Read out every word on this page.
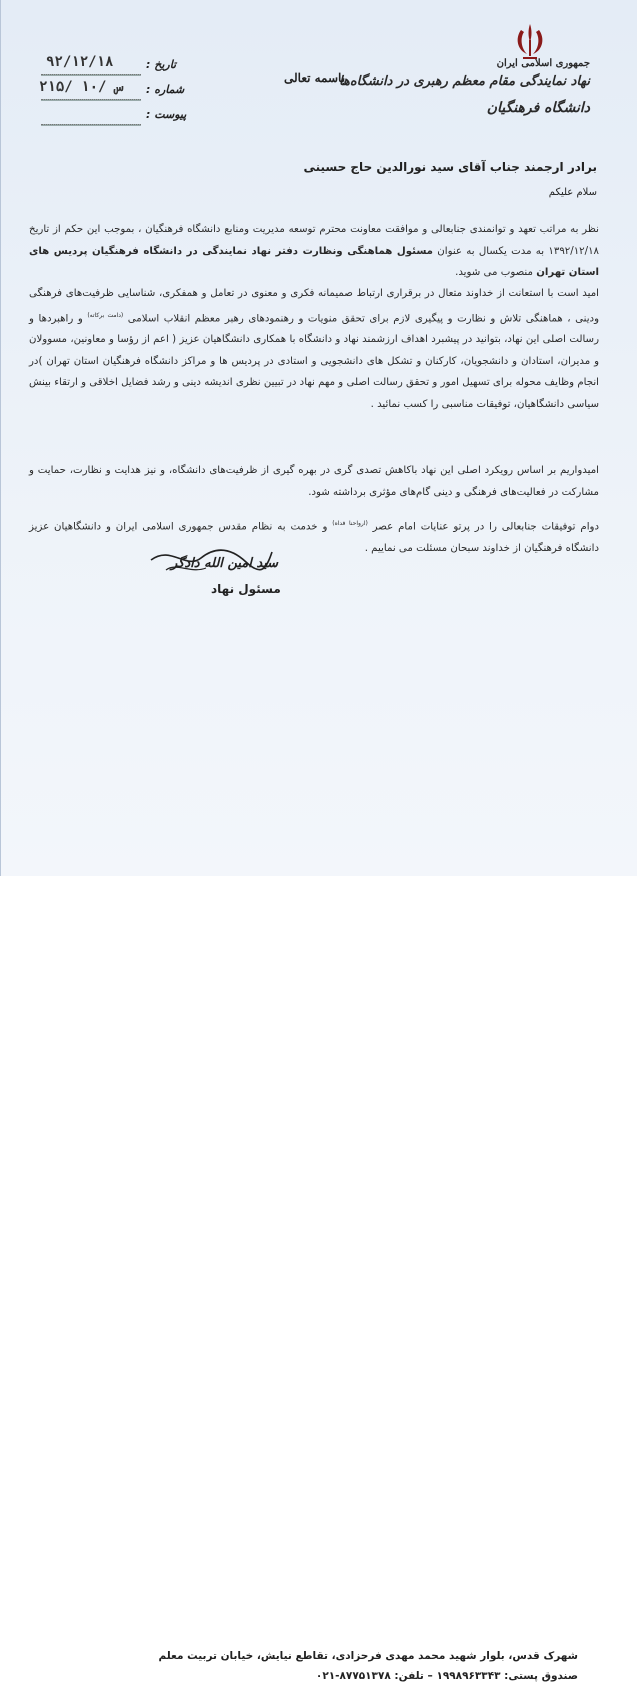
جمهوری اسلامی ایران
نهاد نمایندگی مقام معظم رهبری در دانشگاه‌ها
دانشگاه فرهنگیان
باسمه تعالی
تاریخ :
۹۲/۱۲/۱۸
شماره :
۲۱۵/ س /۱۰
پیوست :
برادر ارجمند جناب آقای سید نورالدین حاج حسینی
سلام علیکم

نظر به مراتب تعهد و توانمندی جنابعالی و موافقت معاونت محترم توسعه مدیریت ومنابع دانشگاه فرهنگیان ، بموجب این حکم از تاریخ ۱۳۹۲/۱۲/۱۸ به مدت یکسال به عنوان مسئول هماهنگی ونظارت دفتر نهاد نمایندگی در دانشگاه فرهنگیان پردیس های استان تهران منصوب می شوید.

امید است با استعانت از خداوند متعال در برقراری ارتباط صمیمانه فکری و معنوی در تعامل و همفکری، شناسایی ظرفیت‌های فرهنگی ودینی ، هماهنگی تلاش و نظارت و پیگیری لازم برای تحقق منویات و رهنمودهای رهبر معظم انقلاب اسلامی $^{(دامت برکاته)}$ و راهبردها و رسالت اصلی این نهاد، بتوانید در پیشبرد اهداف ارزشمند نهاد و دانشگاه با همکاری دانشگاهیان عزیز ( اعم از رؤسا و معاونین، مسوولان و مدیران، استادان و دانشجویان، کارکنان و تشکل های دانشجویی و استادی در پردیس ها و مراکز دانشگاه فرهنگیان استان تهران )در انجام وظایف محوله برای تسهیل امور و تحقق رسالت اصلی و مهم نهاد در تبیین نظری اندیشه دینی و رشد فضایل اخلاقی و ارتقاء بینش سیاسی دانشگاهیان، توفیقات مناسبی را کسب نمائید .

امیدواریم بر اساس رویکرد اصلی این نهاد باکاهش تصدی گری در بهره گیری از ظرفیت‌های دانشگاه، و نیز هدایت و نظارت، حمایت و مشارکت در فعالیت‌های فرهنگی و دینی گام‌های مؤثری برداشته شود.

دوام توفیقات جنابعالی را در پرتو عنایات امام عصر $^{(ارواحنا فداه)}$ و خدمت به نظام مقدس جمهوری اسلامی ایران و دانشگاهیان عزیز دانشگاه فرهنگیان از خداوند سبحان مسئلت می نماییم .

سید امین الله دادگر
مسئول نهاد
شهرک قدس، بلوار شهید محمد مهدی فرحزادی، تقاطع نیایش، خیابان تربیت معلم
صندوق پستی: ۱۹۹۸۹۶۳۳۴۳ – تلفن: ۸۷۷۵۱۳۷۸-۰۲۱
